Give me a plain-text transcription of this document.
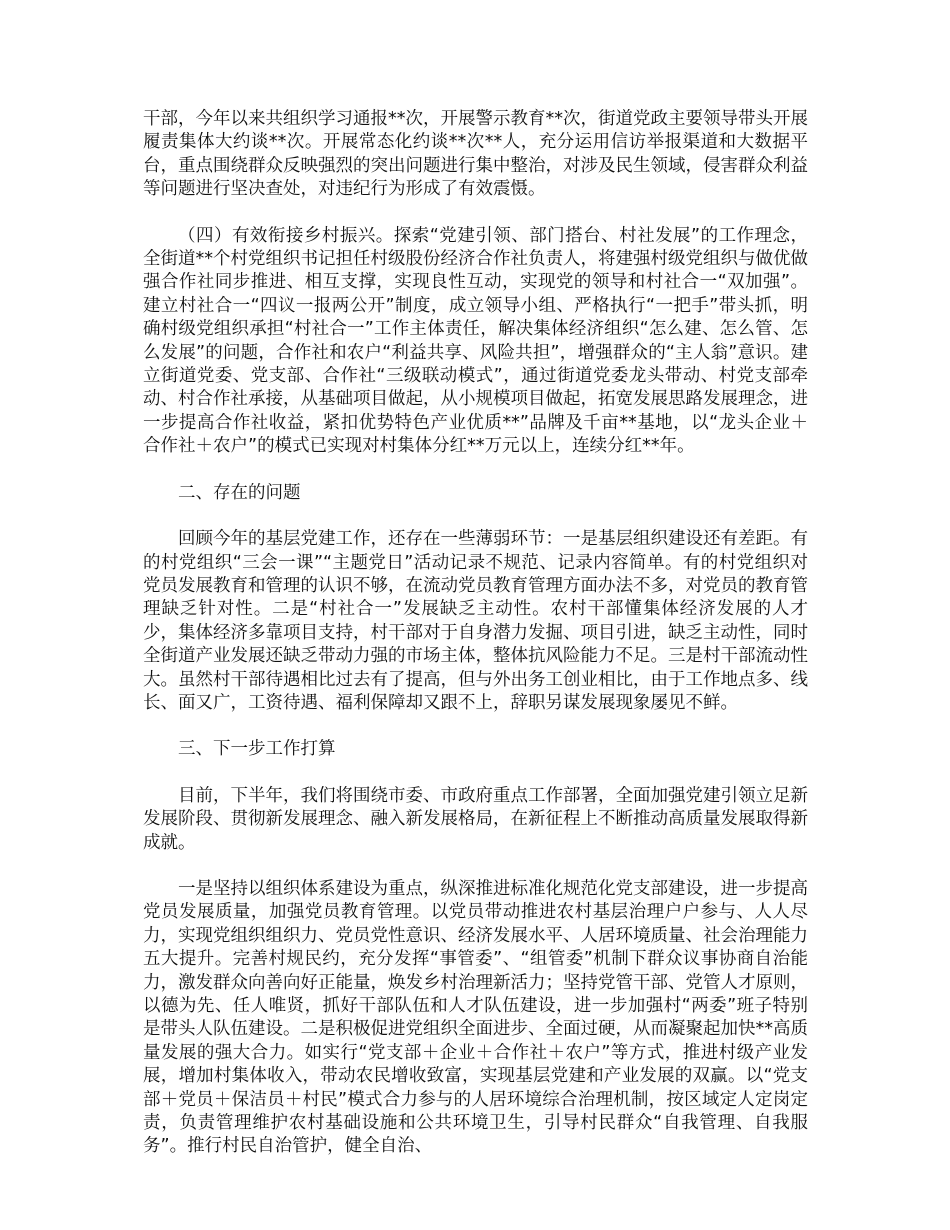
干部，今年以来共组织学习通报**次，开展警示教育**次，街道党政主要领导带头开展履责集体大约谈**次。开展常态化约谈**次**人，充分运用信访举报渠道和大数据平台，重点围绕群众反映强烈的突出问题进行集中整治，对涉及民生领域，侵害群众利益等问题进行坚决查处，对违纪行为形成了有效震慑。

（四）有效衔接乡村振兴。探索“党建引领、部门搭台、村社发展”的工作理念，全街道**个村党组织书记担任村级股份经济合作社负责人，将建强村级党组织与做优做强合作社同步推进、相互支撑，实现良性互动，实现党的领导和村社合一“双加强”。建立村社合一“四议一报两公开”制度，成立领导小组、严格执行“一把手”带头抓，明确村级党组织承担“村社合一”工作主体责任，解决集体经济组织“怎么建、怎么管、怎么发展”的问题，合作社和农户“利益共享、风险共担”，增强群众的“主人翁”意识。建立街道党委、党支部、合作社“三级联动模式”，通过街道党委龙头带动、村党支部牵动、村合作社承接，从基础项目做起，从小规模项目做起，拓宽发展思路发展理念，进一步提高合作社收益，紧扣优势特色产业优质**”品牌及千亩**基地，以“龙头企业＋合作社＋农户”的模式已实现对村集体分红**万元以上，连续分红**年。

二、存在的问题

回顾今年的基层党建工作，还存在一些薄弱环节：一是基层组织建设还有差距。有的村党组织“三会一课”“主题党日”活动记录不规范、记录内容简单。有的村党组织对党员发展教育和管理的认识不够，在流动党员教育管理方面办法不多，对党员的教育管理缺乏针对性。二是“村社合一”发展缺乏主动性。农村干部懂集体经济发展的人才少，集体经济多靠项目支持，村干部对于自身潜力发掘、项目引进，缺乏主动性，同时全街道产业发展还缺乏带动力强的市场主体，整体抗风险能力不足。三是村干部流动性大。虽然村干部待遇相比过去有了提高，但与外出务工创业相比，由于工作地点多、线长、面又广，工资待遇、福利保障却又跟不上，辞职另谋发展现象屡见不鲜。

三、下一步工作打算

目前，下半年，我们将围绕市委、市政府重点工作部署，全面加强党建引领立足新发展阶段、贯彻新发展理念、融入新发展格局，在新征程上不断推动高质量发展取得新成就。

一是坚持以组织体系建设为重点，纵深推进标准化规范化党支部建设，进一步提高党员发展质量，加强党员教育管理。以党员带动推进农村基层治理户户参与、人人尽力，实现党组织组织力、党员党性意识、经济发展水平、人居环境质量、社会治理能力五大提升。完善村规民约，充分发挥“事管委”、“组管委”机制下群众议事协商自治能力，激发群众向善向好正能量，焕发乡村治理新活力；坚持党管干部、党管人才原则，以德为先、任人唯贤，抓好干部队伍和人才队伍建设，进一步加强村“两委”班子特别是带头人队伍建设。二是积极促进党组织全面进步、全面过硬，从而凝聚起加快**高质量发展的强大合力。如实行“党支部＋企业＋合作社＋农户”等方式，推进村级产业发展，增加村集体收入，带动农民增收致富，实现基层党建和产业发展的双赢。以“党支部＋党员＋保洁员＋村民”模式合力参与的人居环境综合治理机制，按区域定人定岗定责，负责管理维护农村基础设施和公共环境卫生，引导村民群众“自我管理、自我服务”。推行村民自治管护，健全自治、
